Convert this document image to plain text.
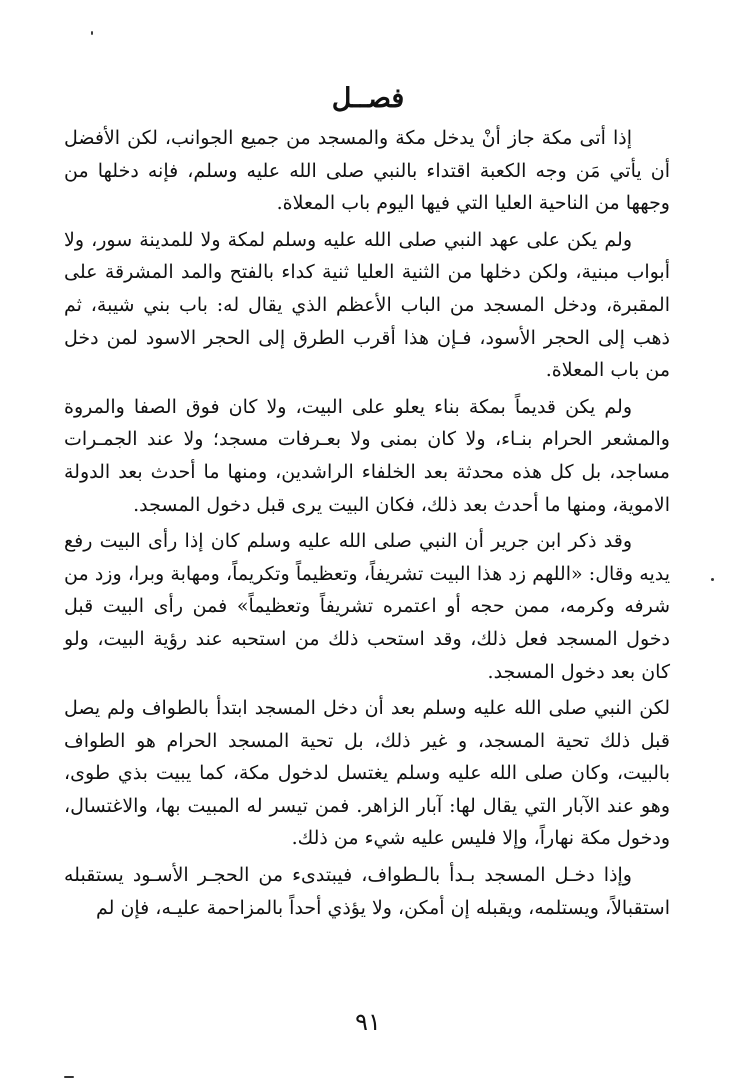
فصــل

إذا أتى مكة جاز أنْ يدخل مكة والمسجد من جميع الجوانب، لكن الأفضل أن يأتي مَن وجه الكعبة اقتداء بالنبي صلى الله عليه وسلم، فإنه دخلها من وجهها من الناحية العليا التي فيها اليوم باب المعلاة.

ولم يكن على عهد النبي صلى الله عليه وسلم لمكة ولا للمدينة سور، ولا أبواب مبنية، ولكن دخلها من الثنية العليا ثنية كداء بالفتح والمد المشرقة على المقبرة، ودخل المسجد من الباب الأعظم الذي يقال له: باب بني شيبة، ثم ذهب إلى الحجر الأسود، فـإن هذا أقرب الطرق إلى الحجر الاسود لمن دخل من باب المعلاة.

ولم يكن قديماً بمكة بناء يعلو على البيت، ولا كان فوق الصفا والمروة والمشعر الحرام بنـاء، ولا كان بمنى ولا بعـرفات مسجد؛ ولا عند الجمـرات مساجد، بل كل هذه محدثة بعد الخلفاء الراشدين، ومنها ما أحدث بعد الدولة الاموية، ومنها ما أحدث بعد ذلك، فكان البيت يرى قبل دخول المسجد.

وقد ذكر ابن جرير أن النبي صلى الله عليه وسلم كان إذا رأى البيت رفع يديه وقال: «اللهم زد هذا البيت تشريفاً، وتعظيماً وتكريماً، ومهابة وبرا، وزد من شرفه وكرمه، ممن حجه أو اعتمره تشريفاً وتعظيماً» فمن رأى البيت قبل دخول المسجد فعل ذلك، وقد استحب ذلك من استحبه عند رؤية البيت، ولو كان بعد دخول المسجد.

لكن النبي صلى الله عليه وسلم بعد أن دخل المسجد ابتدأ بالطواف ولم يصل قبل ذلك تحية المسجد، و غير ذلك، بل تحية المسجد الحرام هو الطواف بالبيت، وكان صلى الله عليه وسلم يغتسل لدخول مكة، كما يبيت بذي طوى، وهو عند الآبار التي يقال لها: آبار الزاهر. فمن تيسر له المبيت بها، والاغتسال، ودخول مكة نهاراً، وإلا فليس عليه شيء من ذلك.

وإذا دخـل المسجد بـدأ بالـطواف، فيبتدىء من الحجـر الأسـود يستقبله استقبالاً، ويستلمه، ويقبله إن أمكن، ولا يؤذي أحداً بالمزاحمة عليـه، فإن لم

٩١
